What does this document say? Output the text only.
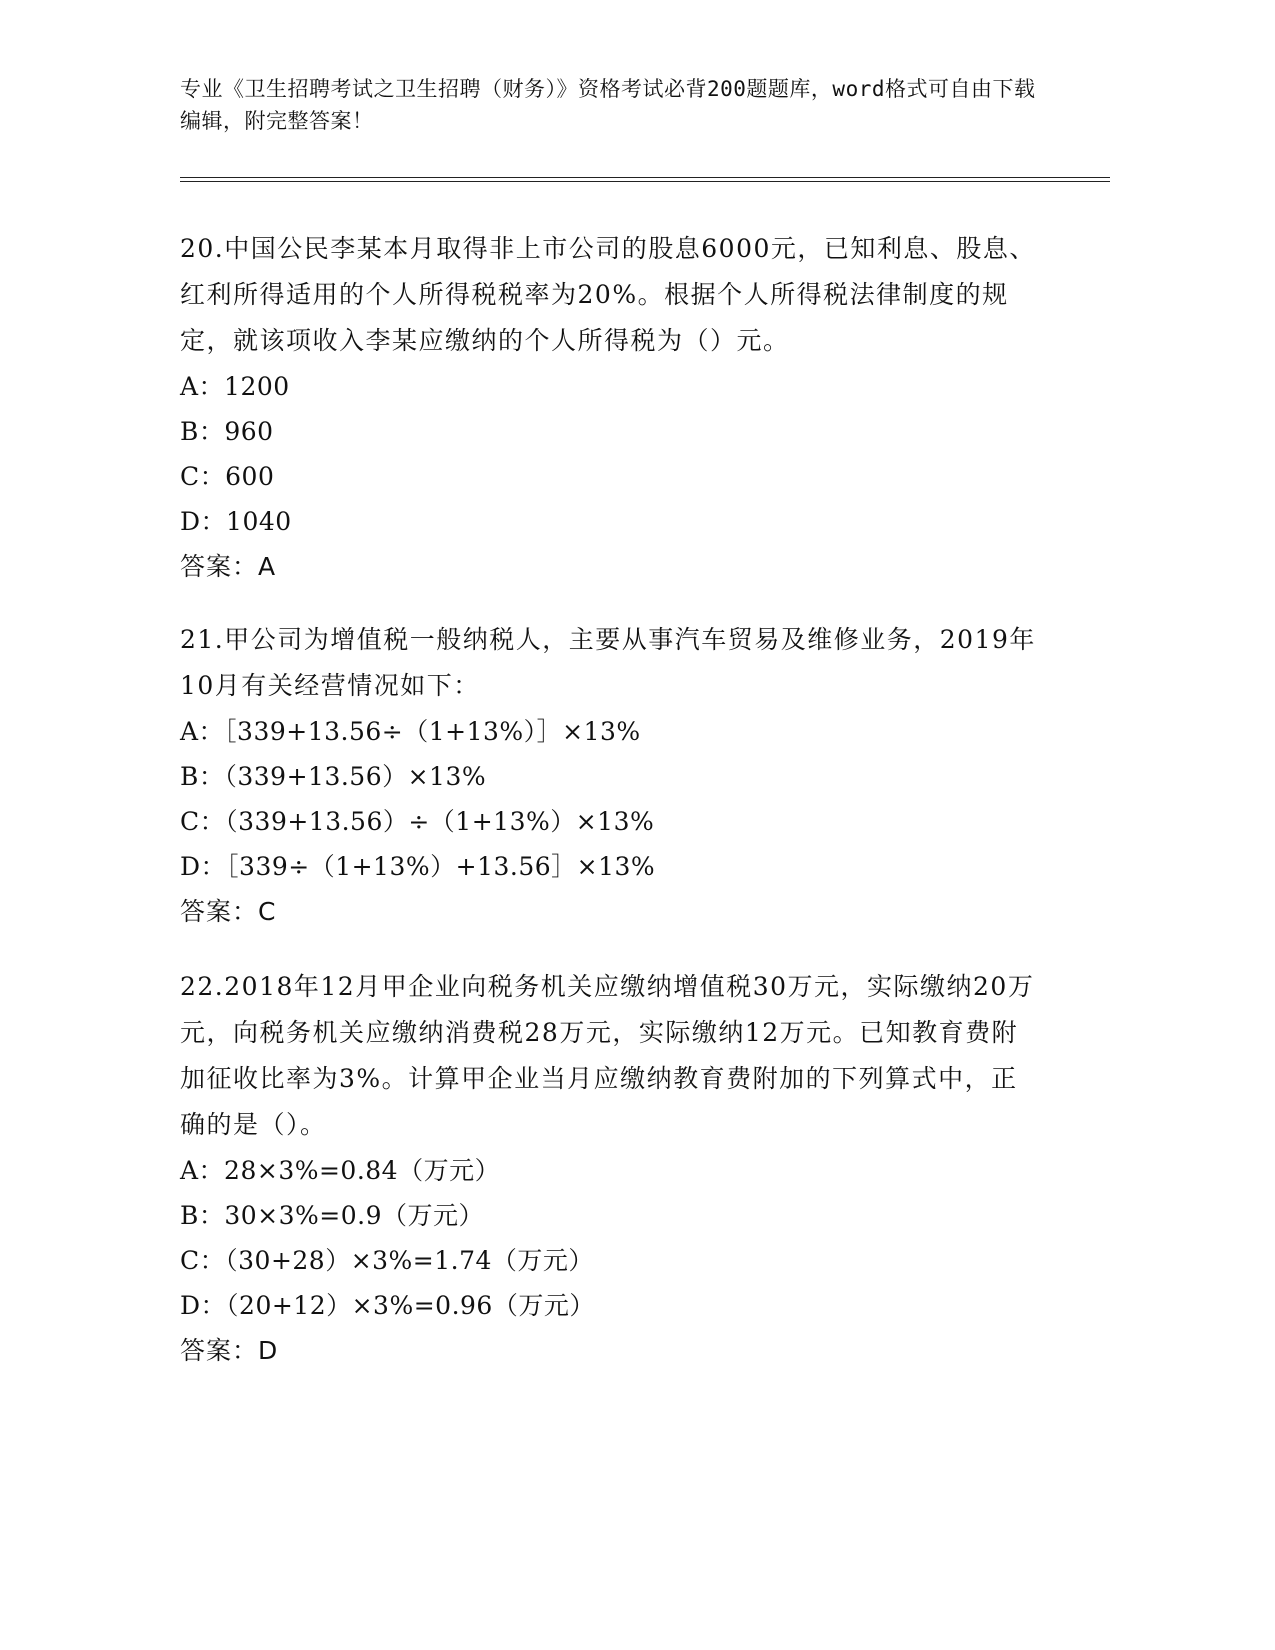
专业《卫生招聘考试之卫生招聘（财务）》资格考试必背200题题库，word格式可自由下载编辑，附完整答案！
20.中国公民李某本月取得非上市公司的股息6000元，已知利息、股息、红利所得适用的个人所得税税率为20%。根据个人所得税法律制度的规定，就该项收入李某应缴纳的个人所得税为（）元。
A：1200
B：960
C：600
D：1040
答案：A
21.甲公司为增值税一般纳税人，主要从事汽车贸易及维修业务，2019年10月有关经营情况如下：
A：［339+13.56÷（1+13%）］×13%
B：（339+13.56）×13%
C：（339+13.56）÷（1+13%）×13%
D：［339÷（1+13%）+13.56］×13%
答案：C
22.2018年12月甲企业向税务机关应缴纳增值税30万元，实际缴纳20万元，向税务机关应缴纳消费税28万元，实际缴纳12万元。已知教育费附加征收比率为3%。计算甲企业当月应缴纳教育费附加的下列算式中，正确的是（）。
A：28×3%=0.84（万元）
B：30×3%=0.9（万元）
C：（30+28）×3%=1.74（万元）
D：（20+12）×3%=0.96（万元）
答案：D
